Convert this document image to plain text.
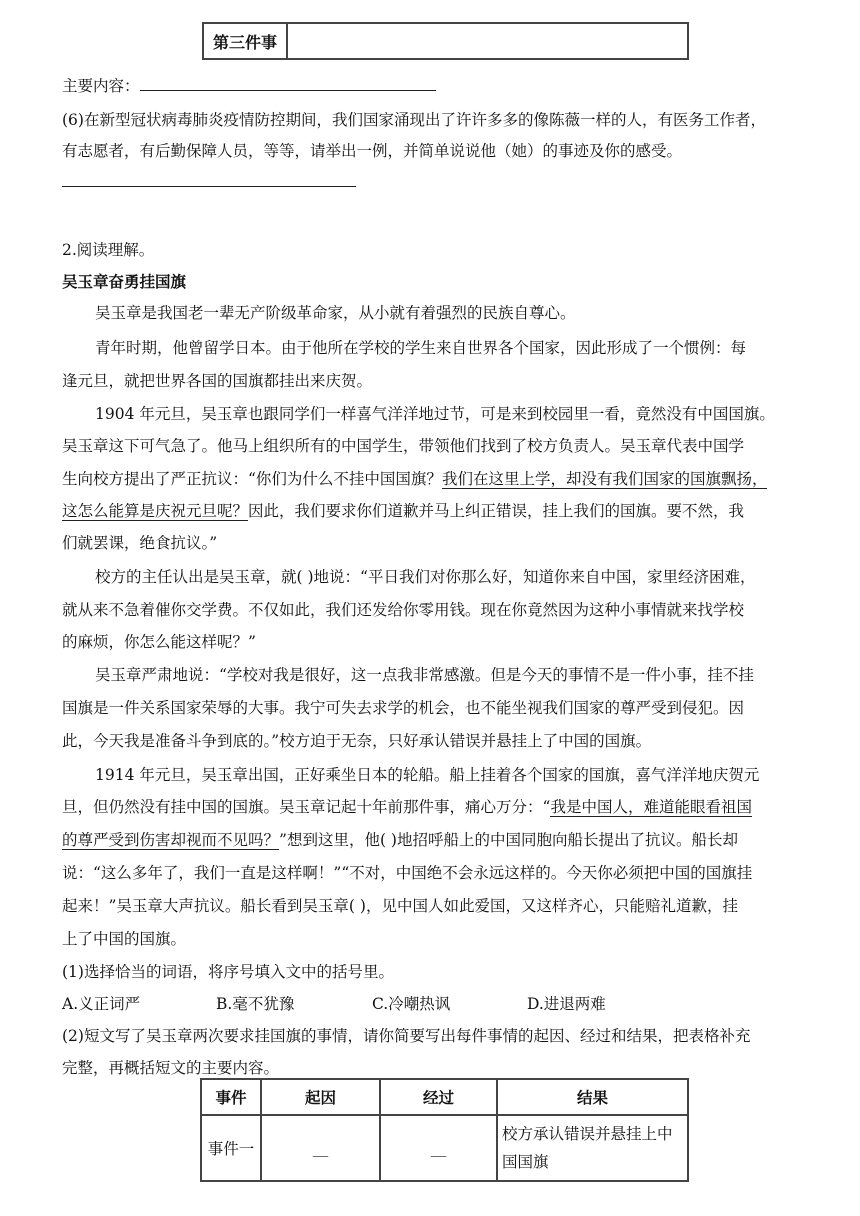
第三件事	
主要内容：
(6)在新型冠状病毒肺炎疫情防控期间，我们国家涌现出了许许多多的像陈薇一样的人，有医务工作者，
有志愿者，有后勤保障人员，等等，请举出一例，并简单说说他（她）的事迹及你的感受。
2.阅读理解。
吴玉章奋勇挂国旗
吴玉章是我国老一辈无产阶级革命家，从小就有着强烈的民族自尊心。
青年时期，他曾留学日本。由于他所在学校的学生来自世界各个国家，因此形成了一个惯例：每
逢元旦，就把世界各国的国旗都挂出来庆贺。
1904 年元旦，吴玉章也跟同学们一样喜气洋洋地过节，可是来到校园里一看，竟然没有中国国旗。
吴玉章这下可气急了。他马上组织所有的中国学生，带领他们找到了校方负责人。吴玉章代表中国学
生向校方提出了严正抗议：“你们为什么不挂中国国旗？我们在这里上学，却没有我们国家的国旗飘扬，
这怎么能算是庆祝元旦呢？因此，我们要求你们道歉并马上纠正错误，挂上我们的国旗。要不然，我
们就罢课，绝食抗议。”
校方的主任认出是吴玉章，就( )地说：“平日我们对你那么好，知道你来自中国，家里经济困难，
就从来不急着催你交学费。不仅如此，我们还发给你零用钱。现在你竟然因为这种小事情就来找学校
的麻烦，你怎么能这样呢？”
吴玉章严肃地说：“学校对我是很好，这一点我非常感激。但是今天的事情不是一件小事，挂不挂
国旗是一件关系国家荣辱的大事。我宁可失去求学的机会，也不能坐视我们国家的尊严受到侵犯。因
此，今天我是准备斗争到底的。”校方迫于无奈，只好承认错误并悬挂上了中国的国旗。
1914 年元旦，吴玉章出国，正好乘坐日本的轮船。船上挂着各个国家的国旗，喜气洋洋地庆贺元
旦，但仍然没有挂中国的国旗。吴玉章记起十年前那件事，痛心万分：“我是中国人，难道能眼看祖国
的尊严受到伤害却视而不见吗？”想到这里，他( )地招呼船上的中国同胞向船长提出了抗议。船长却
说：“这么多年了，我们一直是这样啊！”“不对，中国绝不会永远这样的。今天你必须把中国的国旗挂
起来！”吴玉章大声抗议。船长看到吴玉章( )，见中国人如此爱国，又这样齐心，只能赔礼道歉，挂
上了中国的国旗。
(1)选择恰当的词语，将序号填入文中的括号里。
A.义正词严	B.毫不犹豫	C.冷嘲热讽	D.进退两难
(2)短文写了吴玉章两次要求挂国旗的事情，请你简要写出每件事情的起因、经过和结果，把表格补充
完整，再概括短文的主要内容。
事件	起因	经过	结果
事件一	__	__	校方承认错误并悬挂上中
国国旗
